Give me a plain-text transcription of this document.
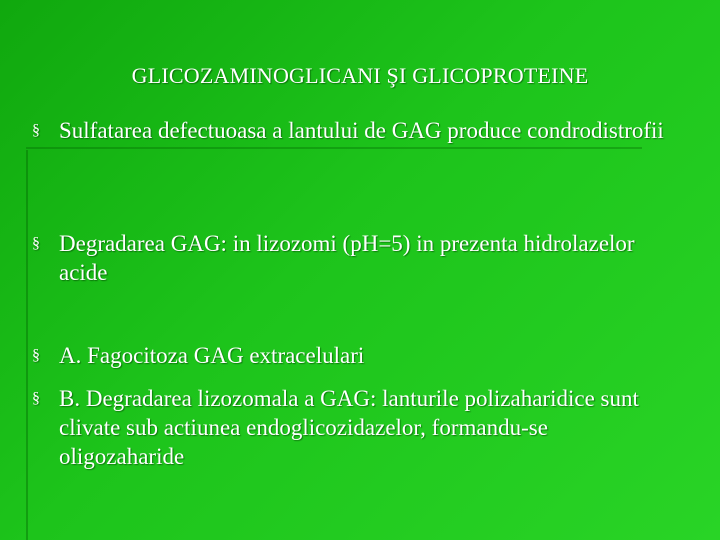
GLICOZAMINOGLICANI ŞI GLICOPROTEINE
§ Sulfatarea defectuoasa a lantului de GAG produce condrodistrofii
§ Degradarea GAG: in lizozomi (pH=5) in prezenta hidrolazelor acide
§ A. Fagocitoza GAG extracelulari
§ B. Degradarea lizozomala a GAG: lanturile polizaharidice sunt clivate sub actiunea endoglicozidazelor, formandu-se oligozaharide
